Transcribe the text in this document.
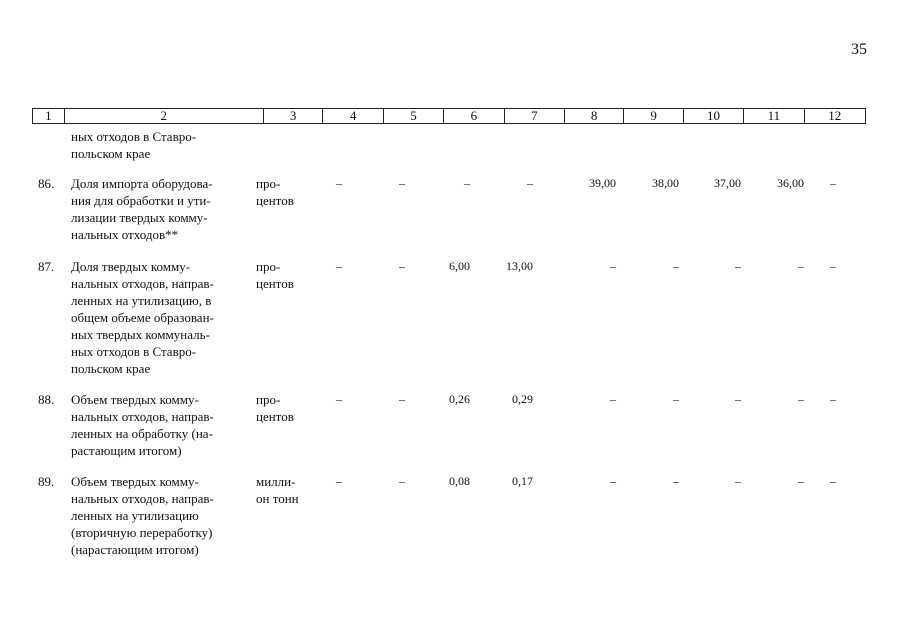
35
1	2	3	4	5	6	7	8	9	10	11	12
ных отходов в Ставро-
польском крае
86.	Доля импорта оборудова-
ния для обработки и ути-
лизации твердых комму-
нальных отходов**
про-
центов
–	–	–	–	39,00	38,00	37,00	36,00	–
87.	Доля твердых комму-
нальных отходов, направ-
ленных на утилизацию, в
общем объеме образован-
ных твердых коммуналь-
ных отходов в Ставро-
польском крае
про-
центов
–	–	6,00	13,00	–	–	–	–	–
88.	Объем твердых комму-
нальных отходов, направ-
ленных на обработку (на-
растающим итогом)
про-
центов
–	–	0,26	0,29	–	–	–	–	–
89.	Объем твердых комму-
нальных отходов, направ-
ленных на утилизацию
(вторичную переработку)
(нарастающим итогом)
милли-
он тонн
–	–	0,08	0,17	–	–	–	–	–
